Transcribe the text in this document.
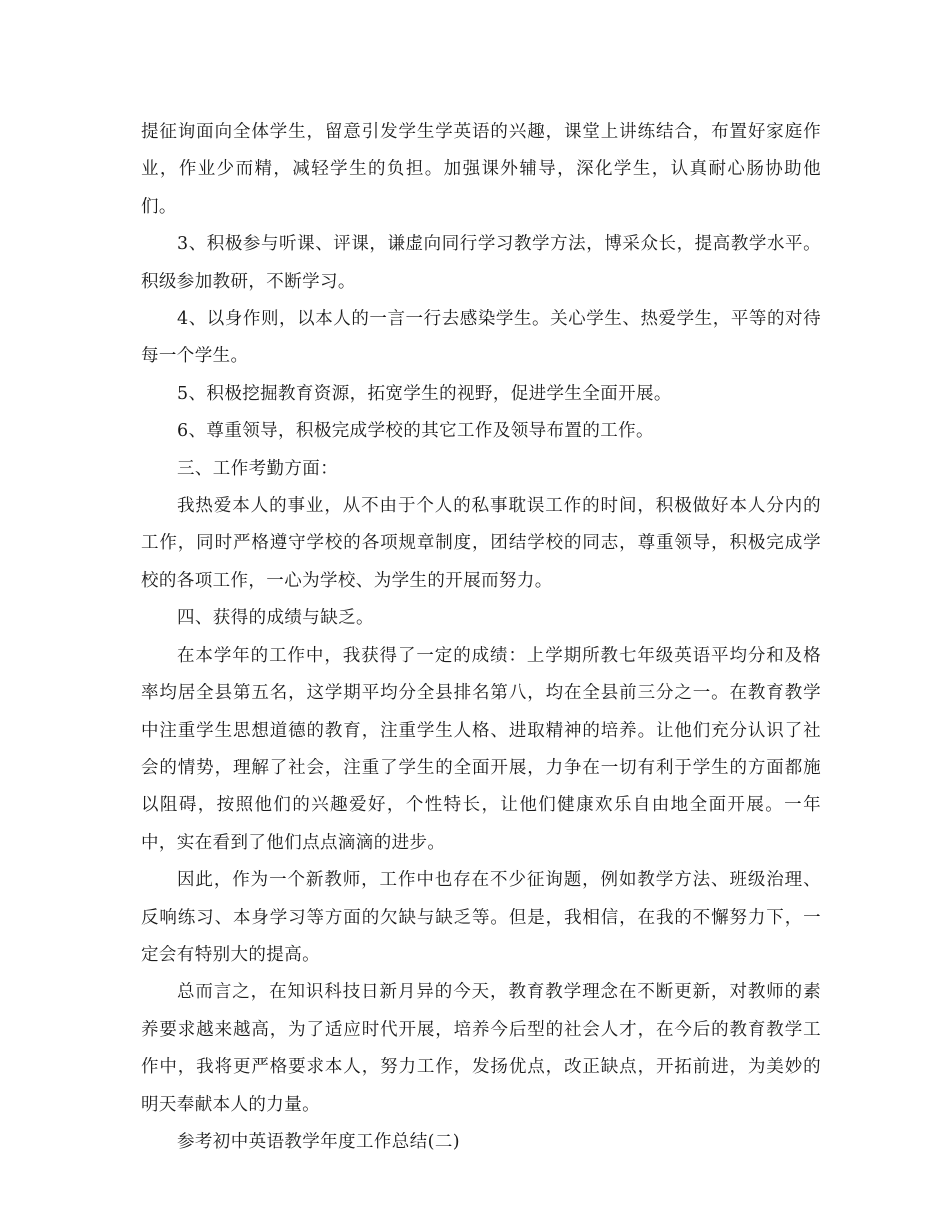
提征询面向全体学生，留意引发学生学英语的兴趣，课堂上讲练结合，布置好家庭作业，作业少而精，减轻学生的负担。加强课外辅导，深化学生，认真耐心肠协助他们。

3、积极参与听课、评课，谦虚向同行学习教学方法，博采众长，提高教学水平。积级参加教研，不断学习。

4、以身作则，以本人的一言一行去感染学生。关心学生、热爱学生，平等的对待每一个学生。

5、积极挖掘教育资源，拓宽学生的视野，促进学生全面开展。

6、尊重领导，积极完成学校的其它工作及领导布置的工作。

三、工作考勤方面：

我热爱本人的事业，从不由于个人的私事耽误工作的时间，积极做好本人分内的工作，同时严格遵守学校的各项规章制度，团结学校的同志，尊重领导，积极完成学校的各项工作，一心为学校、为学生的开展而努力。

四、获得的成绩与缺乏。

在本学年的工作中，我获得了一定的成绩：上学期所教七年级英语平均分和及格率均居全县第五名，这学期平均分全县排名第八，均在全县前三分之一。在教育教学中注重学生思想道德的教育，注重学生人格、进取精神的培养。让他们充分认识了社会的情势，理解了社会，注重了学生的全面开展，力争在一切有利于学生的方面都施以阻碍，按照他们的兴趣爱好，个性特长，让他们健康欢乐自由地全面开展。一年中，实在看到了他们点点滴滴的进步。

因此，作为一个新教师，工作中也存在不少征询题，例如教学方法、班级治理、反响练习、本身学习等方面的欠缺与缺乏等。但是，我相信，在我的不懈努力下，一定会有特别大的提高。

总而言之，在知识科技日新月异的今天，教育教学理念在不断更新，对教师的素养要求越来越高，为了适应时代开展，培养今后型的社会人才，在今后的教育教学工作中，我将更严格要求本人，努力工作，发扬优点，改正缺点，开拓前进，为美妙的明天奉献本人的力量。

参考初中英语教学年度工作总结(二)
